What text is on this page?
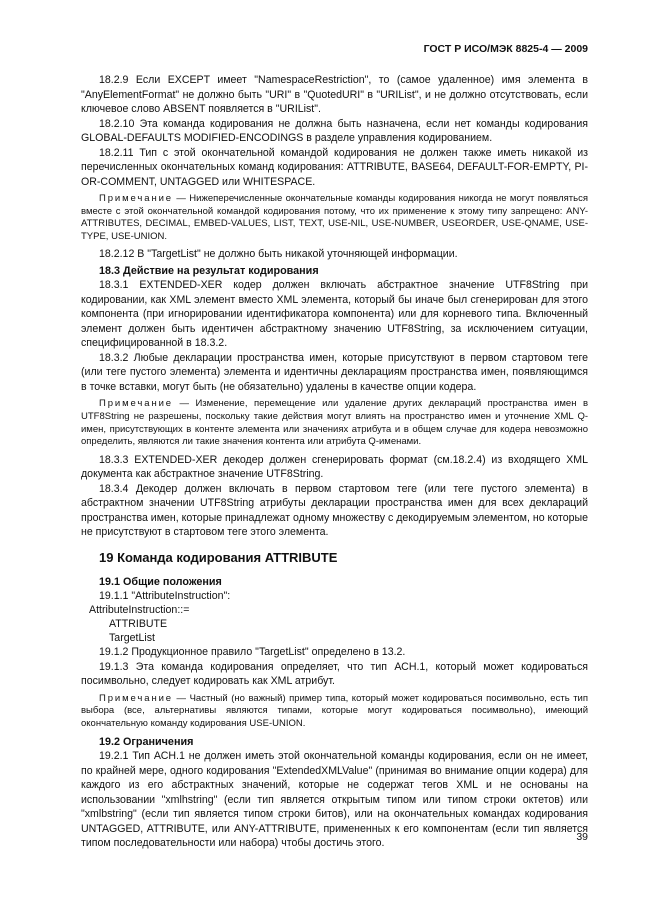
ГОСТ Р ИСО/МЭК 8825-4 — 2009

18.2.9 Если EXCEPT имеет "NamespaceRestriction", то (самое удаленное) имя элемента в "AnyElementFormat" не должно быть "URI" в "QuotedURI" в "URIList", и не должно отсутствовать, если ключевое слово ABSENT появляется в "URIList".

18.2.10 Эта команда кодирования не должна быть назначена, если нет команды кодирования GLOBAL-DEFAULTS MODIFIED-ENCODINGS в разделе управления кодированием.

18.2.11 Тип с этой окончательной командой кодирования не должен также иметь никакой из перечисленных окончательных команд кодирования: ATTRIBUTE, BASE64, DEFAULT-FOR-EMPTY, PI-OR-COMMENT, UNTAGGED или WHITESPACE.

Примечание — Нижеперечисленные окончательные команды кодирования никогда не могут появляться вместе с этой окончательной командой кодирования потому, что их применение к этому типу запрещено: ANY-ATTRIBUTES, DECIMAL, EMBED-VALUES, LIST, TEXT, USE-NIL, USE-NUMBER, USEORDER, USE-QNAME, USE-TYPE, USE-UNION.

18.2.12 В "TargetList" не должно быть никакой уточняющей информации.

18.3 Действие на результат кодирования

18.3.1 EXTENDED-XER кодер должен включать абстрактное значение UTF8String при кодировании, как XML элемент вместо XML элемента, который бы иначе был сгенерирован для этого компонента (при игнорировании идентификатора компонента) или для корневого типа. Включенный элемент должен быть идентичен абстрактному значению UTF8String, за исключением ситуации, специфицированной в 18.3.2.

18.3.2 Любые декларации пространства имен, которые присутствуют в первом стартовом теге (или теге пустого элемента) элемента и идентичны декларациям пространства имен, появляющимся в точке вставки, могут быть (не обязательно) удалены в качестве опции кодера.

Примечание — Изменение, перемещение или удаление других деклараций пространства имен в UTF8String не разрешены, поскольку такие действия могут влиять на пространство имен и уточнение XML Q-имен, присутствующих в контенте элемента или значениях атрибута и в общем случае для кодера невозможно определить, являются ли такие значения контента или атрибута Q-именами.

18.3.3 EXTENDED-XER декодер должен сгенерировать формат (см.18.2.4) из входящего XML документа как абстрактное значение UTF8String.

18.3.4 Декодер должен включать в первом стартовом теге (или теге пустого элемента) в абстрактном значении UTF8String атрибуты декларации пространства имен для всех деклараций пространства имен, которые принадлежат одному множеству с декодируемым элементом, но которые не присутствуют в стартовом теге этого элемента.

19 Команда кодирования ATTRIBUTE
19.1 Общие положения

19.1.1 "AttributeInstruction":

AttributeInstruction::=

ATTRIBUTE

TargetList

19.1.2 Продукционное правило "TargetList" определено в 13.2.

19.1.3 Эта команда кодирования определяет, что тип АСН.1, который может кодироваться посимвольно, следует кодировать как XML атрибут.

Примечание — Частный (но важный) пример типа, который может кодироваться посимвольно, есть тип выбора (все, альтернативы являются типами, которые могут кодироваться посимвольно), имеющий окончательную команду кодирования USE-UNION.

19.2 Ограничения

19.2.1 Тип АСН.1 не должен иметь этой окончательной команды кодирования, если он не имеет, по крайней мере, одного кодирования "ExtendedXMLValue" (принимая во внимание опции кодера) для каждого из его абстрактных значений, которые не содержат тегов XML и не основаны на использовании "xmlhstring" (если тип является открытым типом или типом строки октетов) или "xmlbstring" (если тип является типом строки битов), или на окончательных командах кодирования UNTAGGED, ATTRIBUTE, или ANY-ATTRIBUTE, примененных к его компонентам (если тип является типом последовательности или набора) чтобы достичь этого.

39
